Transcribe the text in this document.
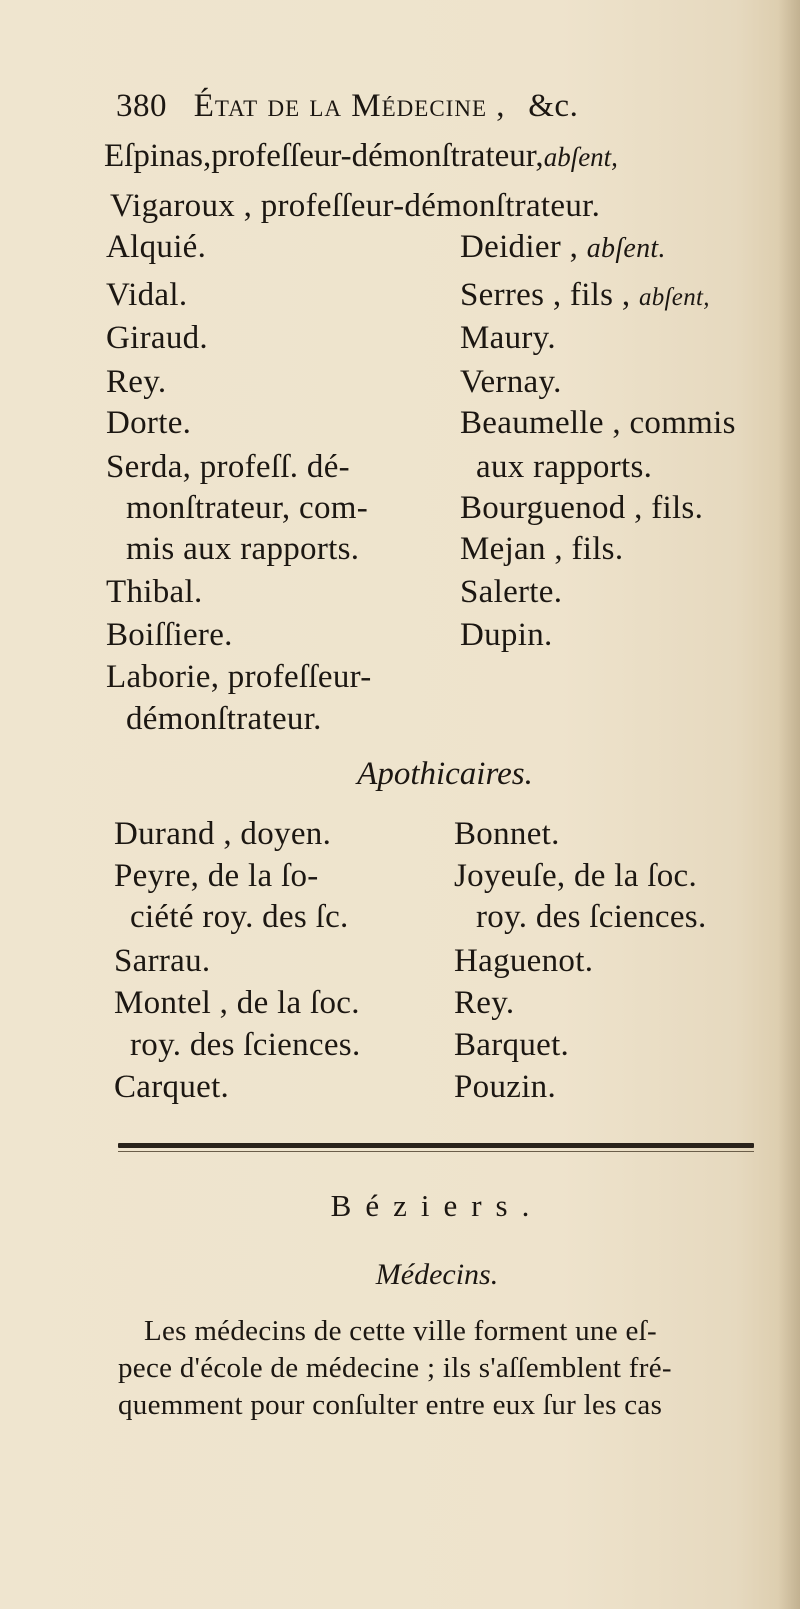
380 État de la Médecine , &c.
Eſpinas,profeſſeur-démonſtrateur,abſent,
Vigaroux , profeſſeur-démonſtrateur.
Alquié.
Vidal.
Giraud.
Rey.
Dorte.
Serda, profeſſ. dé-
monſtrateur, com-
mis aux rapports.
Thibal.
Boiſſiere.
Laborie, profeſſeur-
démonſtrateur.
Deidier , abſent.
Serres , fils , abſent,
Maury.
Vernay.
Beaumelle , commis
aux rapports.
Bourguenod , fils.
Mejan , fils.
Salerte.
Dupin.
Apothicaires.
Durand , doyen.
Peyre, de la ſo-
ciété roy. des ſc.
Sarrau.
Montel , de la ſoc.
roy. des ſciences.
Carquet.
Bonnet.
Joyeuſe, de la ſoc.
roy. des ſciences.
Haguenot.
Rey.
Barquet.
Pouzin.
Béziers.
Médecins.
Les médecins de cette ville forment une eſ-
pece d'école de médecine ; ils s'aſſemblent fré-
quemment pour conſulter entre eux ſur les cas
